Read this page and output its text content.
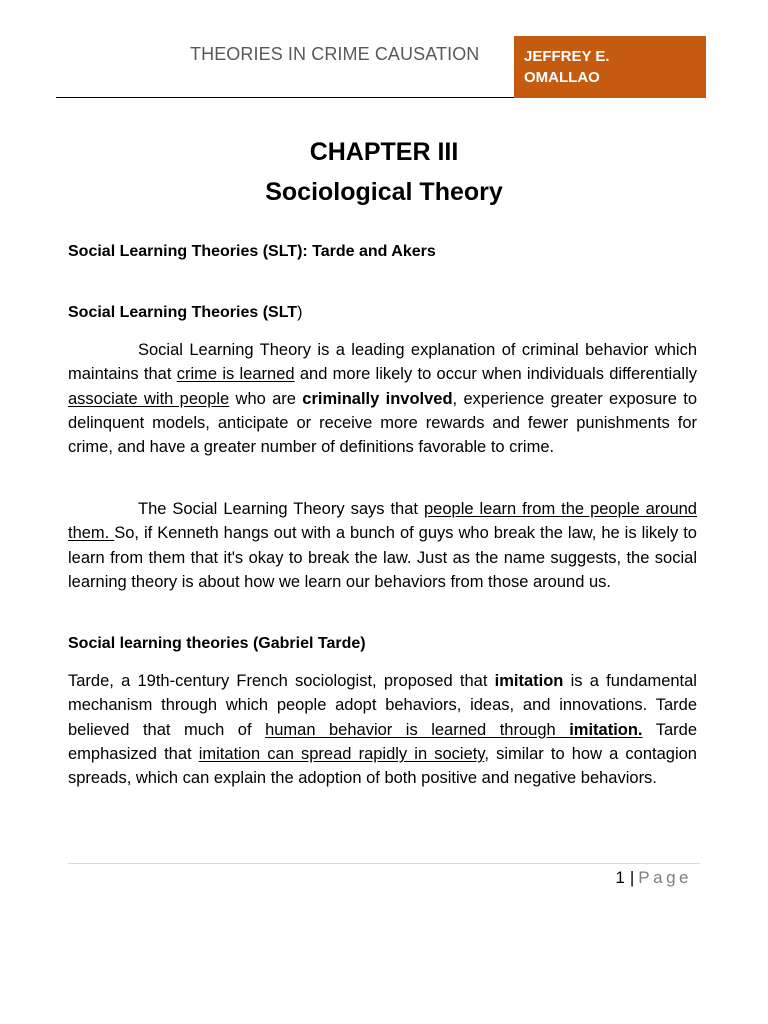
THEORIES IN CRIME CAUSATION	JEFFREY E.
OMALLAO
CHAPTER III
Sociological Theory
Social Learning Theories (SLT): Tarde and Akers
Social Learning Theories (SLT)
Social Learning Theory is a leading explanation of criminal behavior which maintains that crime is learned and more likely to occur when individuals differentially associate with people who are criminally involved, experience greater exposure to delinquent models, anticipate or receive more rewards and fewer punishments for crime, and have a greater number of definitions favorable to crime.
The Social Learning Theory says that people learn from the people around them. So, if Kenneth hangs out with a bunch of guys who break the law, he is likely to learn from them that it's okay to break the law. Just as the name suggests, the social learning theory is about how we learn our behaviors from those around us.
Social learning theories (Gabriel Tarde)
Tarde, a 19th-century French sociologist, proposed that imitation is a fundamental mechanism through which people adopt behaviors, ideas, and innovations. Tarde believed that much of human behavior is learned through imitation. Tarde emphasized that imitation can spread rapidly in society, similar to how a contagion spreads, which can explain the adoption of both positive and negative behaviors.
1 | Page
